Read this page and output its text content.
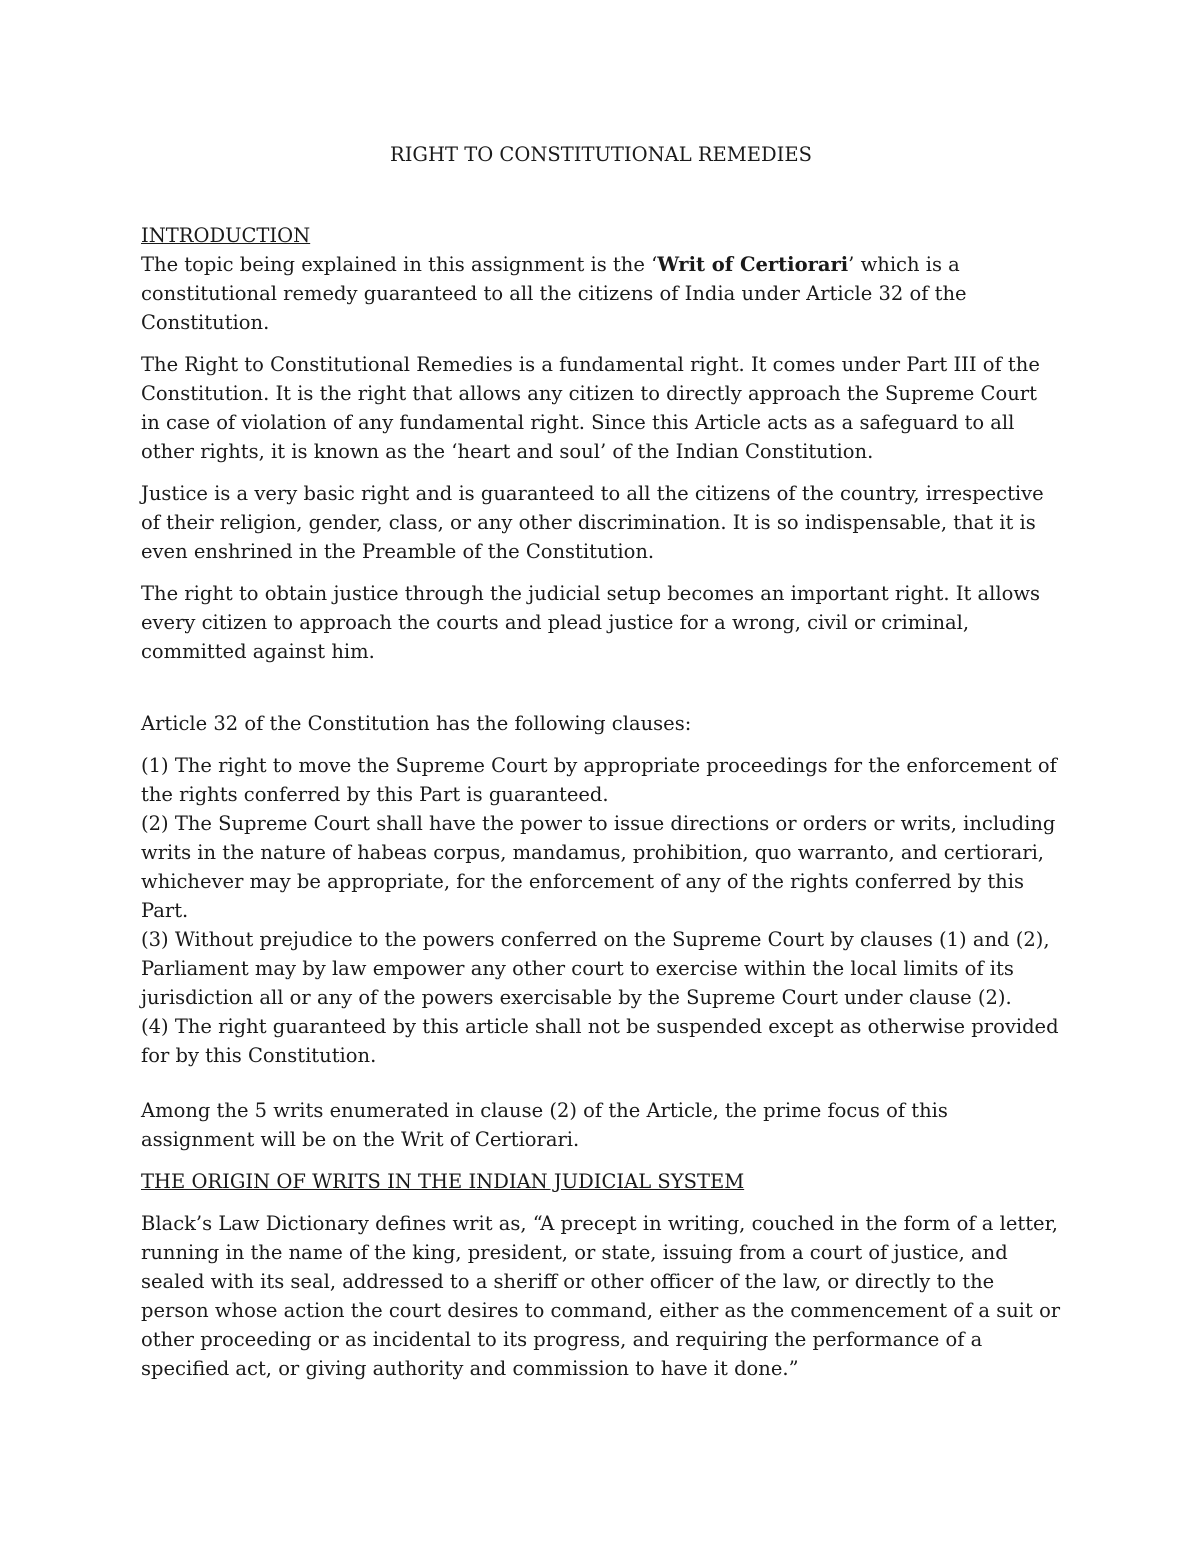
RIGHT TO CONSTITUTIONAL REMEDIES

INTRODUCTION

The topic being explained in this assignment is the ‘Writ of Certiorari’ which is a constitutional remedy guaranteed to all the citizens of India under Article 32 of the Constitution.

The Right to Constitutional Remedies is a fundamental right. It comes under Part III of the Constitution. It is the right that allows any citizen to directly approach the Supreme Court in case of violation of any fundamental right. Since this Article acts as a safeguard to all other rights, it is known as the ‘heart and soul’ of the Indian Constitution.

Justice is a very basic right and is guaranteed to all the citizens of the country, irrespective of their religion, gender, class, or any other discrimination. It is so indispensable, that it is even enshrined in the Preamble of the Constitution.

The right to obtain justice through the judicial setup becomes an important right. It allows every citizen to approach the courts and plead justice for a wrong, civil or criminal, committed against him.

Article 32 of the Constitution has the following clauses:

(1) The right to move the Supreme Court by appropriate proceedings for the enforcement of the rights conferred by this Part is guaranteed.

(2) The Supreme Court shall have the power to issue directions or orders or writs, including writs in the nature of habeas corpus, mandamus, prohibition, quo warranto, and certiorari, whichever may be appropriate, for the enforcement of any of the rights conferred by this Part.

(3) Without prejudice to the powers conferred on the Supreme Court by clauses (1) and (2), Parliament may by law empower any other court to exercise within the local limits of its jurisdiction all or any of the powers exercisable by the Supreme Court under clause (2).

(4) The right guaranteed by this article shall not be suspended except as otherwise provided for by this Constitution.

Among the 5 writs enumerated in clause (2) of the Article, the prime focus of this assignment will be on the Writ of Certiorari.

THE ORIGIN OF WRITS IN THE INDIAN JUDICIAL SYSTEM

Black’s Law Dictionary defines writ as, “A precept in writing, couched in the form of a letter, running in the name of the king, president, or state, issuing from a court of justice, and sealed with its seal, addressed to a sheriff or other officer of the law, or directly to the person whose action the court desires to command, either as the commencement of a suit or other proceeding or as incidental to its progress, and requiring the performance of a specified act, or giving authority and commission to have it done.”
